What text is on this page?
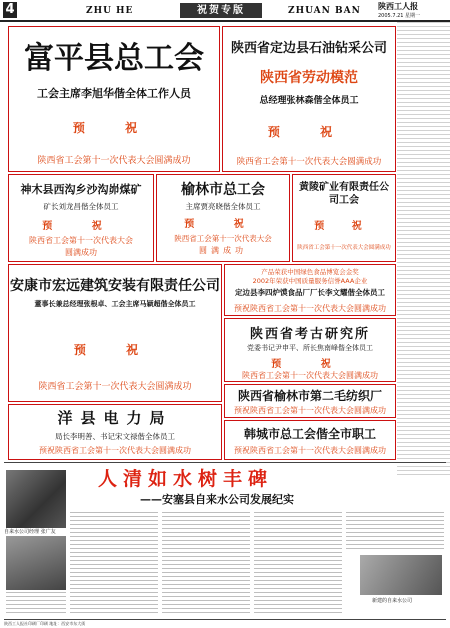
4	ZHU HE	祝贺专版	ZHUAN BAN 陕西工人报
2005.7.21 星期一
富平县总工会
工会主席李旭华偕全体工作人员
预 祝
陕西省工会第十一次代表大会圆满成功
陕西省定边县石油钻采公司
陕西省劳动模范
总经理张林森偕全体员工
预 祝
陕西省工会第十一次代表大会圆满成功
神木县西沟乡沙沟峁煤矿
矿长刘龙昌偕全体员工
预 祝
陕西省工会第十一次代表大会
圆满成功
榆林市总工会
主席贾亮晓偕全体员工
预 祝
陕西省工会第十一次代表大会
圆满成功
黄陵矿业有限责任公司工会
预 祝
陕西省工会第十一次代表大会圆满成功
安康市宏远建筑安装有限责任公司
董事长兼总经理张根卓、工会主席马颖超偕全体员工
预 祝
陕西省工会第十一次代表大会圆满成功
产品荣获中国绿色食品博览会金奖
2002年荣获中国质量服务信誉AAA企业
定边县李四炉馍食品厂厂长李文耀偕全体员工
预祝陕西省工会第十一次代表大会圆满成功
陕西省考古研究所
党委书记尹申平、所长焦南峰偕全体员工
预 祝
陕西省工会第十一次代表大会圆满成功
陕西省榆林市第二毛纺织厂
预祝陕西省工会第十一次代表大会圆满成功
洋县电力局
局长李明善、书记宋文禄偕全体员工
预祝陕西省工会第十一次代表大会圆满成功
韩城市总工会偕全市职工
预祝陕西省工会第十一次代表大会圆满成功
自来水公司经理 张广友
人清如水树丰碑
——安塞县自来水公司发展纪实
新建的自来水公司
陕西工人报社印刷厂印刷 地址：西安市东大街
